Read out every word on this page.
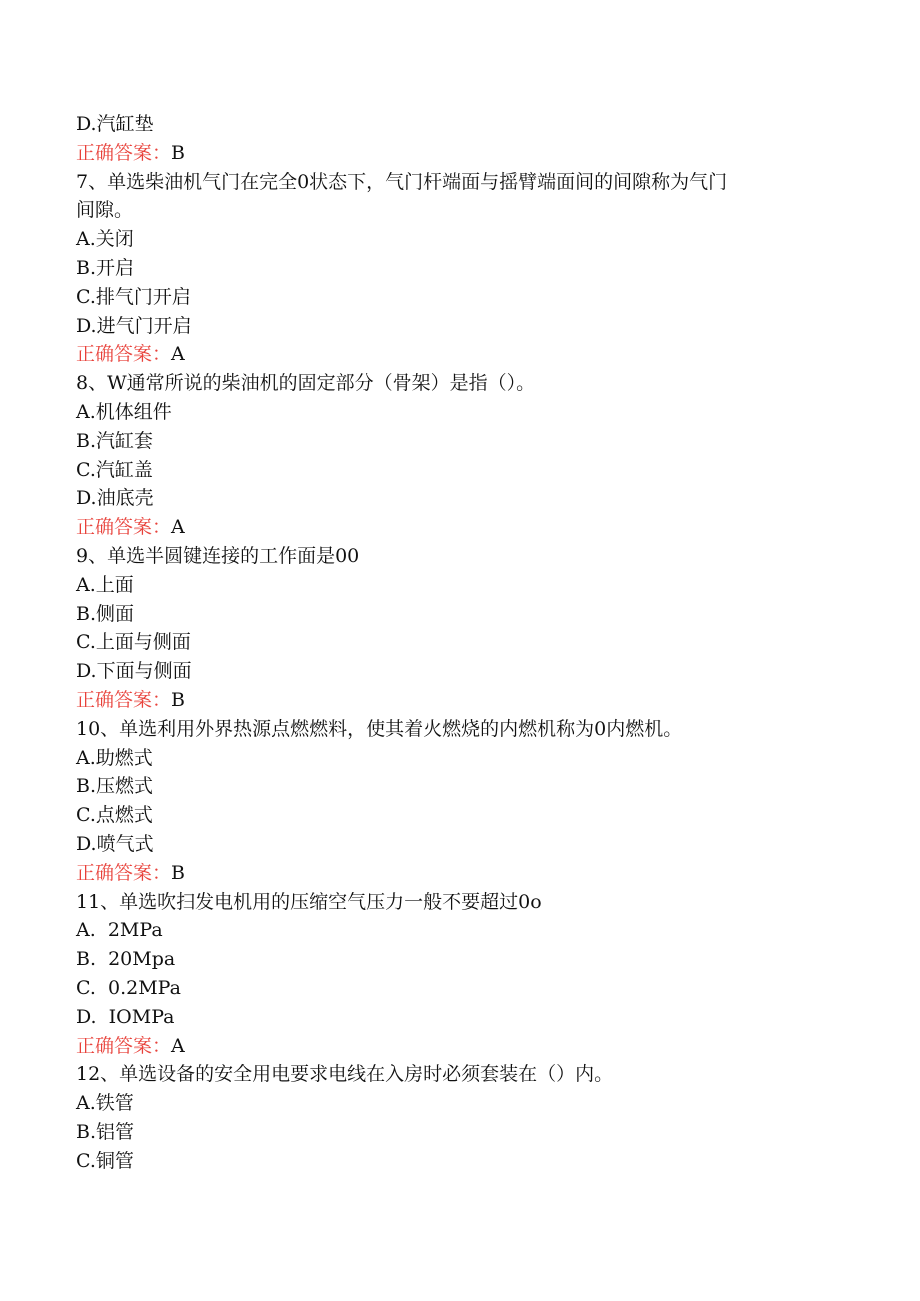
D.汽缸垫
正确答案：B
7、单选柴油机气门在完全0状态下，气门杆端面与摇臂端面间的间隙称为气门
间隙。
A.关闭
B.开启
C.排气门开启
D.进气门开启
正确答案：A
8、W通常所说的柴油机的固定部分（骨架）是指（）。
A.机体组件
B.汽缸套
C.汽缸盖
D.油底壳
正确答案：A
9、单选半圆键连接的工作面是00
A.上面
B.侧面
C.上面与侧面
D.下面与侧面
正确答案：B
10、单选利用外界热源点燃燃料，使其着火燃烧的内燃机称为0内燃机。
A.助燃式
B.压燃式
C.点燃式
D.喷气式
正确答案：B
11、单选吹扫发电机用的压缩空气压力一般不要超过0o
A.  2MPa
B.  20Mpa
C.  0.2MPa
D.  IOMPa
正确答案：A
12、单选设备的安全用电要求电线在入房时必须套装在（）内。
A.铁管
B.铝管
C.铜管
